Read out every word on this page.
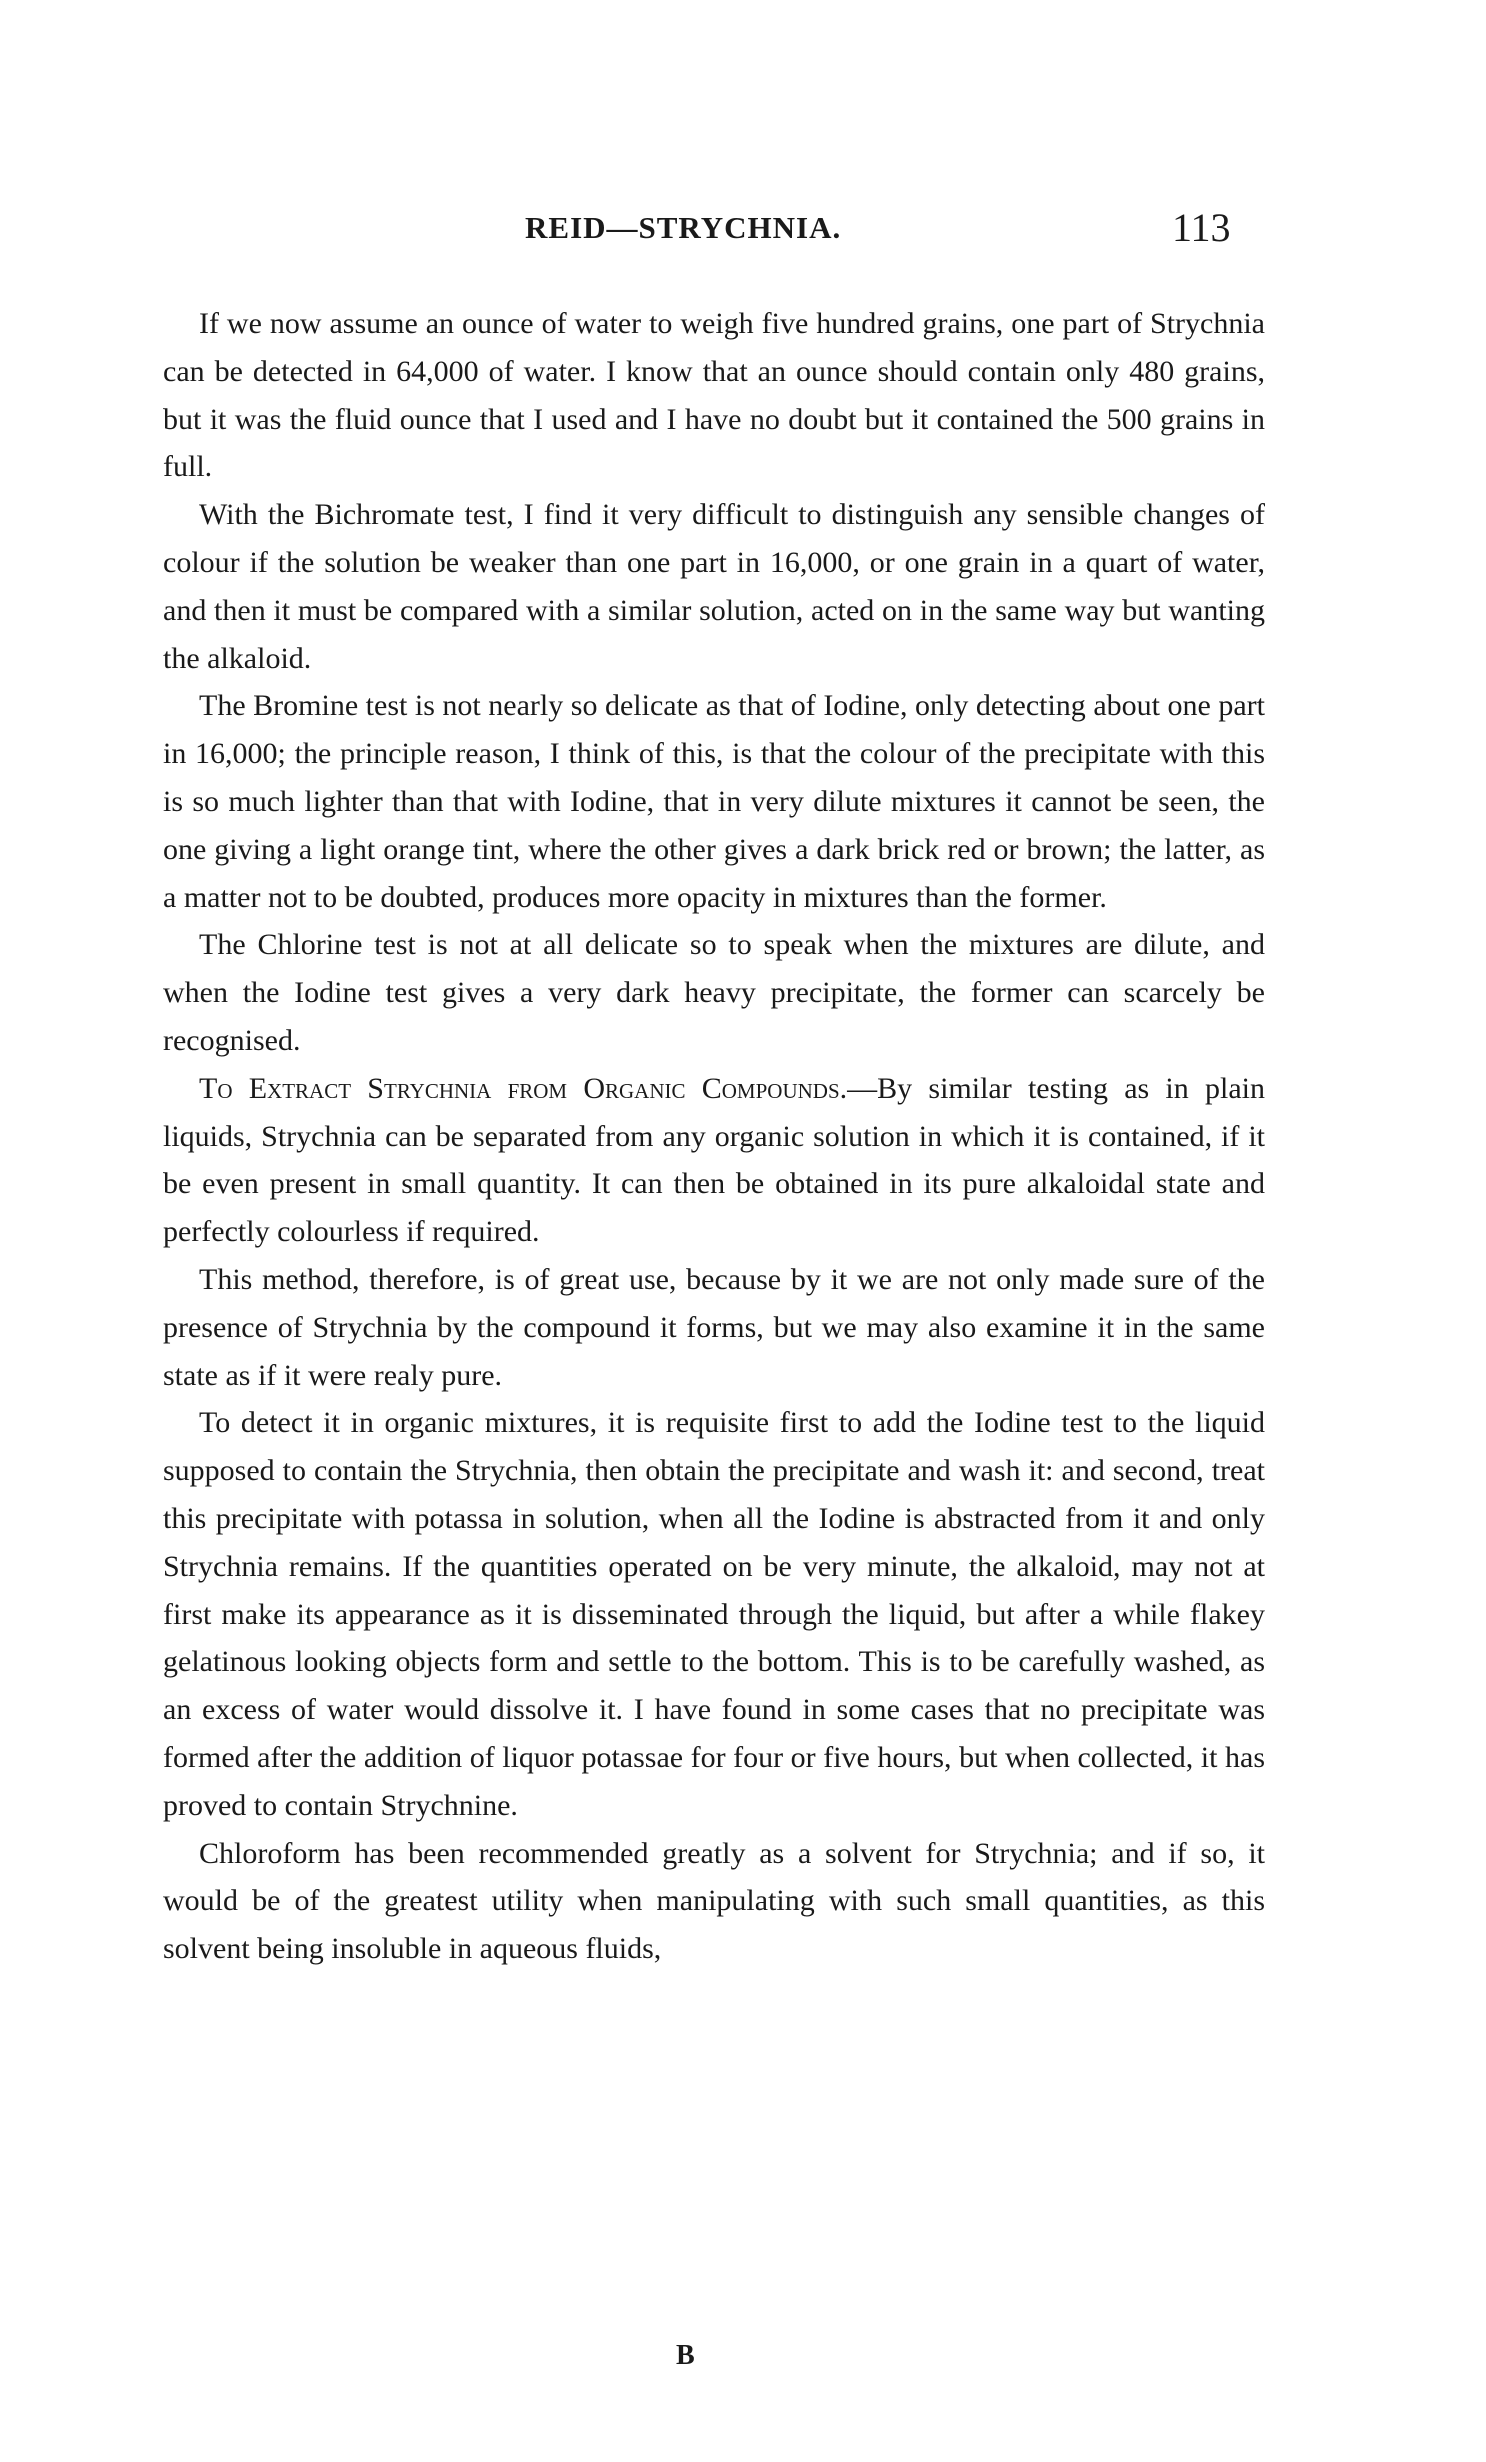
REID—STRYCHNIA.	113

If we now assume an ounce of water to weigh five hundred grains, one part of Strychnia can be detected in 64,000 of water. I know that an ounce should contain only 480 grains, but it was the fluid ounce that I used and I have no doubt but it contained the 500 grains in full.

With the Bichromate test, I find it very difficult to distinguish any sensible changes of colour if the solution be weaker than one part in 16,000, or one grain in a quart of water, and then it must be compared with a similar solution, acted on in the same way but wanting the alkaloid.

The Bromine test is not nearly so delicate as that of Iodine, only detecting about one part in 16,000; the principle reason, I think of this, is that the colour of the precipitate with this is so much lighter than that with Iodine, that in very dilute mixtures it cannot be seen, the one giving a light orange tint, where the other gives a dark brick red or brown; the latter, as a matter not to be doubted, produces more opacity in mixtures than the former.

The Chlorine test is not at all delicate so to speak when the mixtures are dilute, and when the Iodine test gives a very dark heavy precipitate, the former can scarcely be recognised.

To Extract Strychnia from Organic Compounds.—By similar testing as in plain liquids, Strychnia can be separated from any organic solution in which it is contained, if it be even present in small quantity. It can then be obtained in its pure alkaloidal state and perfectly colourless if required.

This method, therefore, is of great use, because by it we are not only made sure of the presence of Strychnia by the compound it forms, but we may also examine it in the same state as if it were realy pure.

To detect it in organic mixtures, it is requisite first to add the Iodine test to the liquid supposed to contain the Strychnia, then obtain the precipitate and wash it: and second, treat this precipitate with potassa in solution, when all the Iodine is abstracted from it and only Strychnia remains. If the quantities operated on be very minute, the alkaloid, may not at first make its appearance as it is disseminated through the liquid, but after a while flakey gelatinous looking objects form and settle to the bottom. This is to be carefully washed, as an excess of water would dissolve it. I have found in some cases that no precipitate was formed after the addition of liquor potassae for four or five hours, but when collected, it has proved to contain Strychnine.

Chloroform has been recommended greatly as a solvent for Strychnia; and if so, it would be of the greatest utility when manipulating with such small quantities, as this solvent being insoluble in aqueous fluids,

B
